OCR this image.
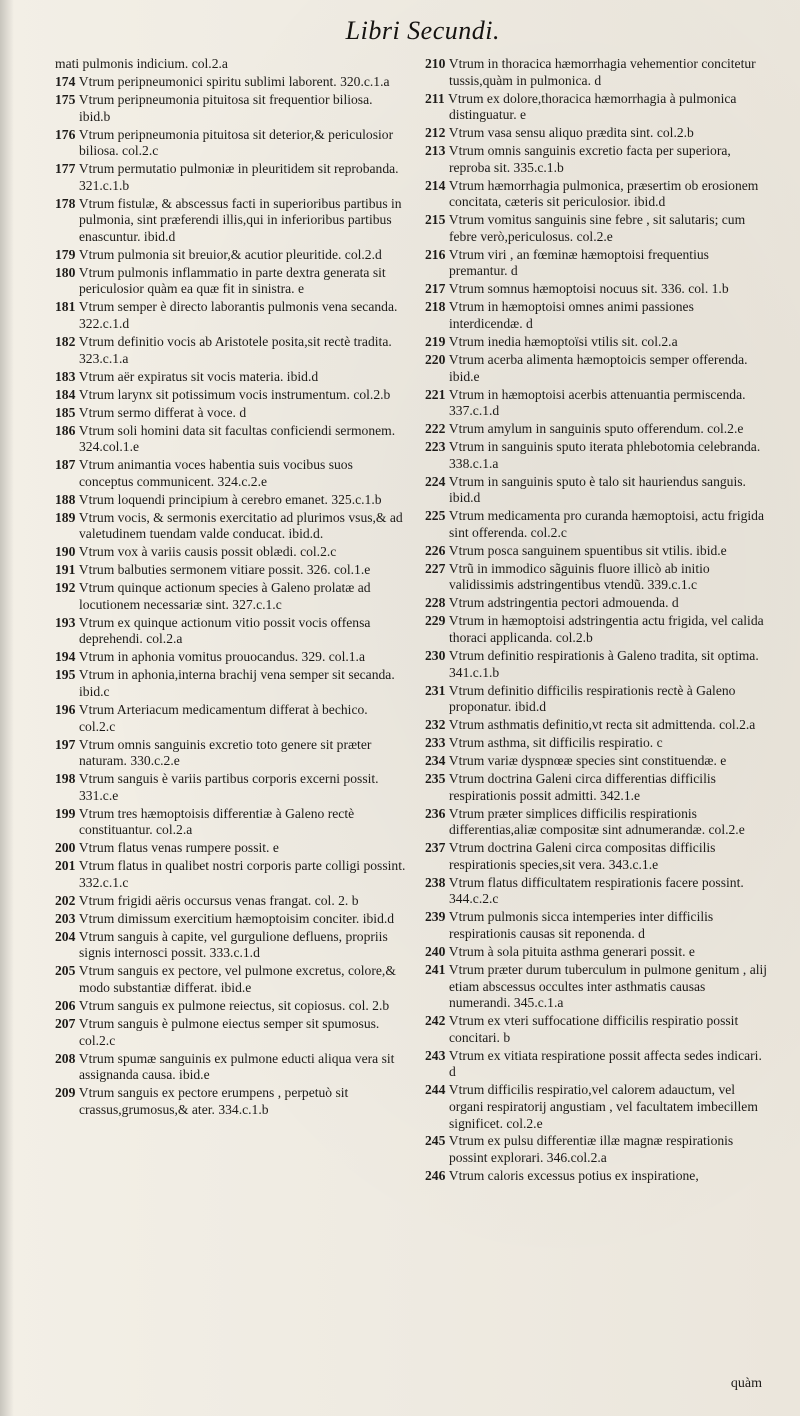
Libri Secundi.
mati pulmonis indicium. col.2.a
174 Vtrum peripneumonici spiritu sublimi laborent. 320.c.1.a
175 Vtrum peripneumonia pituitosa sit frequentior biliosa. ibid.b
176 Vtrum peripneumonia pituitosa sit deterior,& periculosior biliosa. col.2.c
177 Vtrum permutatio pulmoniæ in pleuritidem sit reprobanda. 321.c.1.b
178 Vtrum fistulæ, & abscessus facti in superioribus partibus in pulmonia, sint præferendi illis,qui in inferioribus partibus enascuntur. ibid.d
179 Vtrum pulmonia sit breuior,& acutior pleuritide. col.2.d
180 Vtrum pulmonis inflammatio in parte dextra generata sit periculosior quàm ea quæ fit in sinistra. e
181 Vtrum semper è directo laborantis pulmonis vena secanda. 322.c.1.d
182 Vtrum definitio vocis ab Aristotele posita,sit rectè tradita. 323.c.1.a
183 Vtrum aër expiratus sit vocis materia. ibid.d
184 Vtrum larynx sit potissimum vocis instrumentum. col.2.b
185 Vtrum sermo differat à voce. d
186 Vtrum soli homini data sit facultas conficiendi sermonem. 324.col.1.e
187 Vtrum animantia voces habentia suis vocibus suos conceptus communicent. 324.c.2.e
188 Vtrum loquendi principium à cerebro emanet. 325.c.1.b
189 Vtrum vocis, & sermonis exercitatio ad plurimos vsus,& ad valetudinem tuendam valde conducat. ibid.d.
190 Vtrum vox à variis causis possit oblædi. col.2.c
191 Vtrum balbuties sermonem vitiare possit. 326. col.1.e
192 Vtrum quinque actionum species à Galeno prolatæ ad locutionem necessariæ sint. 327.c.1.c
193 Vtrum ex quinque actionum vitio possit vocis offensa deprehendi. col.2.a
194 Vtrum in aphonia vomitus prouocandus. 329. col.1.a
195 Vtrum in aphonia,interna brachij vena semper sit secanda. ibid.c
196 Vtrum Arteriacum medicamentum differat à bechico. col.2.c
197 Vtrum omnis sanguinis excretio toto genere sit præter naturam. 330.c.2.e
198 Vtrum sanguis è variis partibus corporis excerni possit. 331.c.e
199 Vtrum tres hæmoptoisis differentiæ à Galeno rectè constituantur. col.2.a
200 Vtrum flatus venas rumpere possit. e
201 Vtrum flatus in qualibet nostri corporis parte colligi possint. 332.c.1.c
202 Vtrum frigidi aëris occursus venas frangat. col. 2. b
203 Vtrum dimissum exercitium hæmoptoisim conciter. ibid.d
204 Vtrum sanguis à capite, vel gurgulione defluens, propriis signis internosci possit. 333.c.1.d
205 Vtrum sanguis ex pectore, vel pulmone excretus, colore,& modo substantiæ differat. ibid.e
206 Vtrum sanguis ex pulmone reiectus, sit copiosus. col. 2.b
207 Vtrum sanguis è pulmone eiectus semper sit spumosus. col.2.c
208 Vtrum spumæ sanguinis ex pulmone educti aliqua vera sit assignanda causa. ibid.e
209 Vtrum sanguis ex pectore erumpens , perpetuò sit crassus,grumosus,& ater. 334.c.1.b
210 Vtrum in thoracica hæmorrhagia vehementior concitetur tussis,quàm in pulmonica. d
211 Vtrum ex dolore,thoracica hæmorrhagia à pulmonica distinguatur. e
212 Vtrum vasa sensu aliquo prædita sint. col.2.b
213 Vtrum omnis sanguinis excretio facta per superiora, reproba sit. 335.c.1.b
214 Vtrum hæmorrhagia pulmonica, præsertim ob erosionem concitata, cæteris sit periculosior. ibid.d
215 Vtrum vomitus sanguinis sine febre , sit salutaris; cum febre verò,periculosus. col.2.e
216 Vtrum viri , an fœminæ hæmoptoisi frequentius premantur. d
217 Vtrum somnus hæmoptoisi nocuus sit. 336. col. 1.b
218 Vtrum in hæmoptoisi omnes animi passiones interdicendæ. d
219 Vtrum inedia hæmoptoïsi vtilis sit. col.2.a
220 Vtrum acerba alimenta hæmoptoicis semper offerenda. ibid.e
221 Vtrum in hæmoptoisi acerbis attenuantia permiscenda. 337.c.1.d
222 Vtrum amylum in sanguinis sputo offerendum. col.2.e
223 Vtrum in sanguinis sputo iterata phlebotomia celebranda. 338.c.1.a
224 Vtrum in sanguinis sputo è talo sit hauriendus sanguis. ibid.d
225 Vtrum medicamenta pro curanda hæmoptoisi, actu frigida sint offerenda. col.2.c
226 Vtrum posca sanguinem spuentibus sit vtilis. ibid.e
227 Vtrũ in immodico sãguinis fluore illicò ab initio validissimis adstringentibus vtendũ. 339.c.1.c
228 Vtrum adstringentia pectori admouenda. d
229 Vtrum in hæmoptoisi adstringentia actu frigida, vel calida thoraci applicanda. col.2.b
230 Vtrum definitio respirationis à Galeno tradita, sit optima. 341.c.1.b
231 Vtrum definitio difficilis respirationis rectè à Galeno proponatur. ibid.d
232 Vtrum asthmatis definitio,vt recta sit admittenda. col.2.a
233 Vtrum asthma, sit difficilis respiratio. c
234 Vtrum variæ dyspnœæ species sint constituendæ. e
235 Vtrum doctrina Galeni circa differentias difficilis respirationis possit admitti. 342.1.e
236 Vtrum præter simplices difficilis respirationis differentias,aliæ compositæ sint adnumerandæ. col.2.e
237 Vtrum doctrina Galeni circa compositas difficilis respirationis species,sit vera. 343.c.1.e
238 Vtrum flatus difficultatem respirationis facere possint. 344.c.2.c
239 Vtrum pulmonis sicca intemperies inter difficilis respirationis causas sit reponenda. d
240 Vtrum à sola pituita asthma generari possit. e
241 Vtrum præter durum tuberculum in pulmone genitum , alij etiam abscessus occultes inter asthmatis causas numerandi. 345.c.1.a
242 Vtrum ex vteri suffocatione difficilis respiratio possit concitari. b
243 Vtrum ex vitiata respiratione possit affecta sedes indicari. d
244 Vtrum difficilis respiratio,vel calorem adauctum, vel organi respiratorij angustiam , vel facultatem imbecillem significet. col.2.e
245 Vtrum ex pulsu differentiæ illæ magnæ respirationis possint explorari. 346.col.2.a
246 Vtrum caloris excessus potius ex inspiratione,
quàm
